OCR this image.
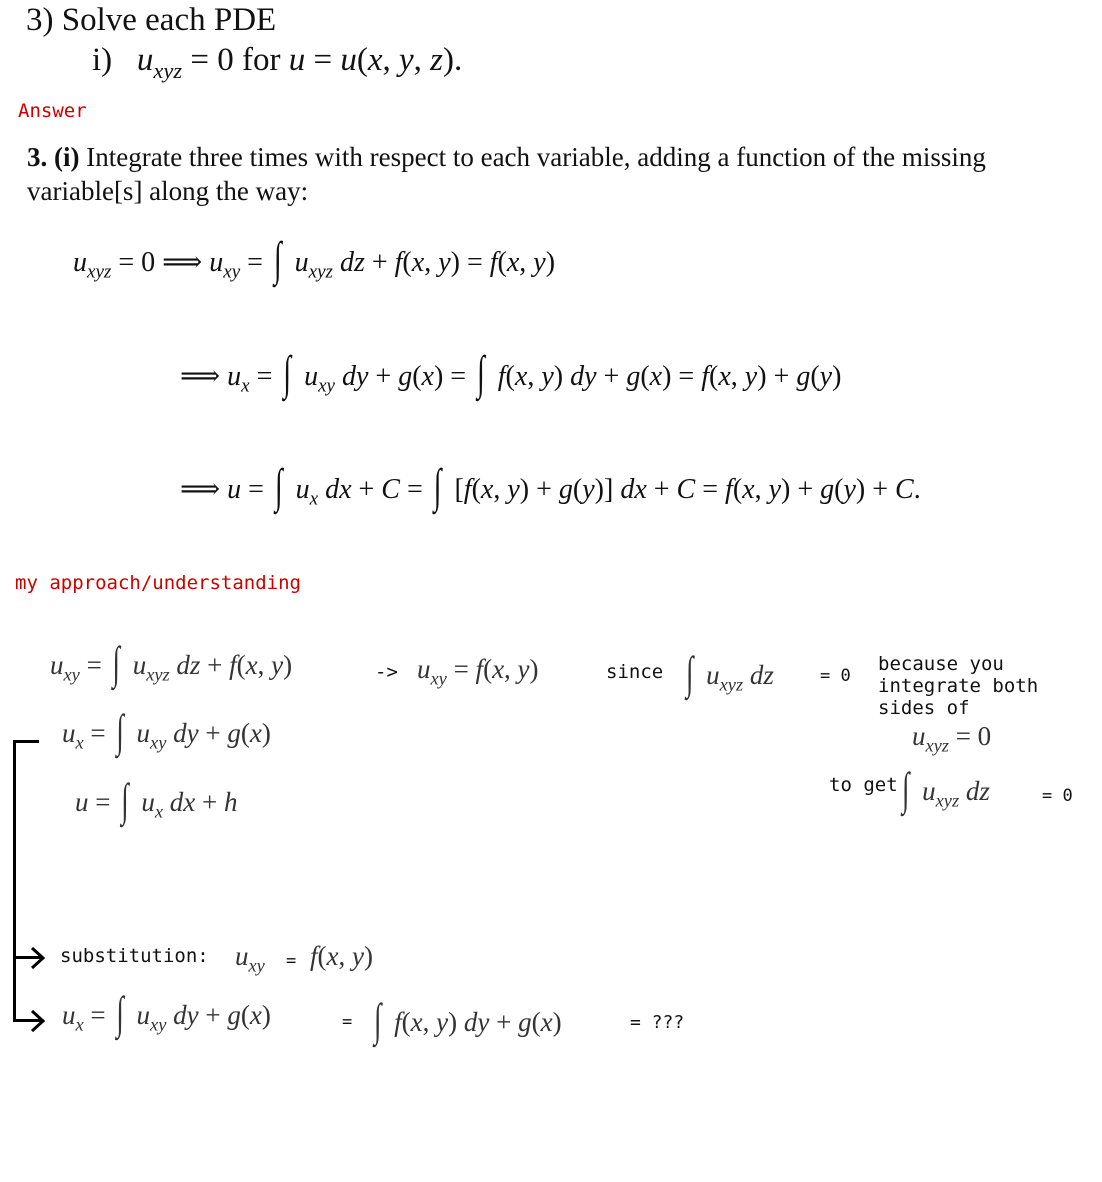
3) Solve each PDE
i) $u_{xyz} = 0$ for u = u(x, y, z).
Answer
3. (i) Integrate three times with respect to each variable, adding a function of the missing
variable[s] along the way:
$u_{xyz} = 0$ ⟹ $u_{xy}$ = ∫ $u_{xyz}$ dz + f(x, y) = f(x, y)
⟹ $u_x$ = ∫ $u_{xy}$ dy + g(x) = ∫ f(x, y) dy + g(x) = f(x, y) + g(y)
⟹ u = ∫ $u_x$ dx + C = ∫ [f(x, y) + g(y)] dx + C = f(x, y) + g(y) + C.
my approach/understanding
$u_{xy}$ = ∫ $u_{xyz}$ dz + f(x, y)	-> $u_{xy} = f(x$, y)	since ∫ $u_{xyz}$ dz	= 0
because you
integrate both
sides of
$u_{xyz} = 0$
$u_x$ = ∫ $u_{xy}$ dy + g(x)
to get ∫ $u_{xyz}$ dz	= 0
u = ∫ $u_x$ dx + h
substitution: $u_{xy} = f(x$, y)
$u_x$ = ∫ $u_{xy}$ dy + g(x)	= ∫ f(x, y) dy + g(x)	= ???
